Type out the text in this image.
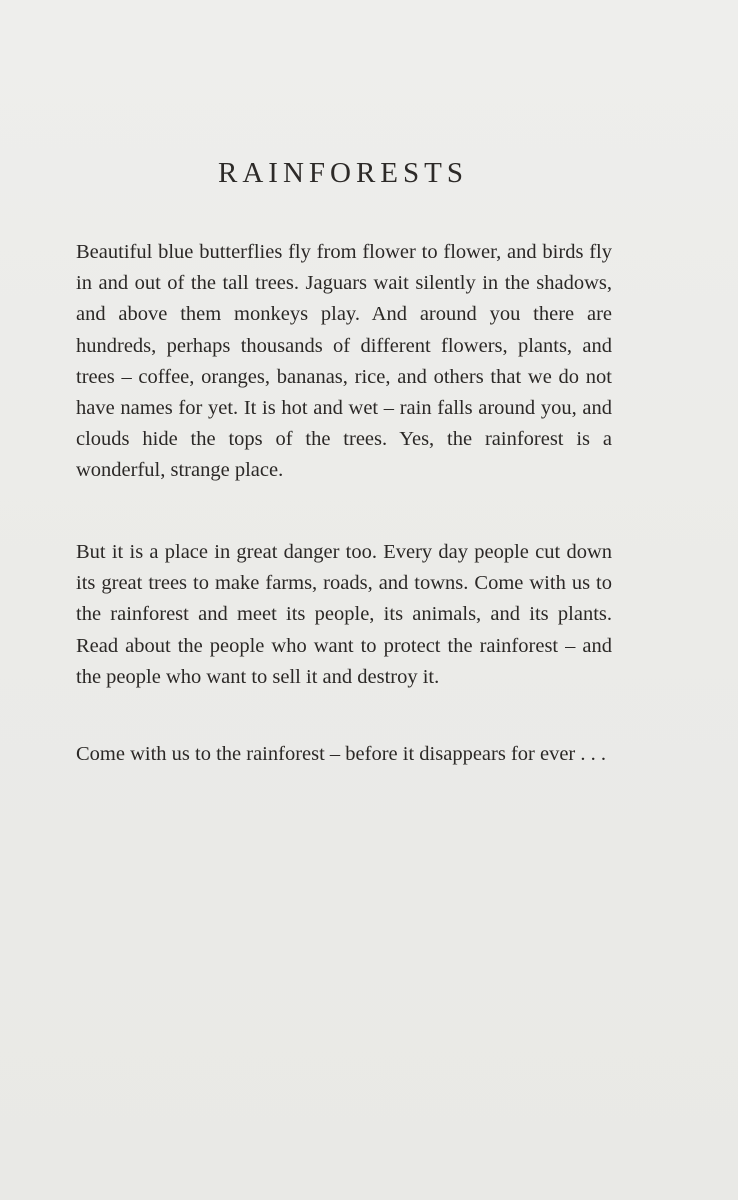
RAINFORESTS

Beautiful blue butterflies fly from flower to flower, and birds fly in and out of the tall trees. Jaguars wait silently in the shadows, and above them monkeys play. And around you there are hundreds, perhaps thousands of different flowers, plants, and trees – coffee, oranges, bananas, rice, and others that we do not have names for yet. It is hot and wet – rain falls around you, and clouds hide the tops of the trees. Yes, the rainforest is a wonderful, strange place.

But it is a place in great danger too. Every day people cut down its great trees to make farms, roads, and towns. Come with us to the rainforest and meet its people, its animals, and its plants. Read about the people who want to protect the rainforest – and the people who want to sell it and destroy it.

Come with us to the rainforest – before it disappears for ever . . .
